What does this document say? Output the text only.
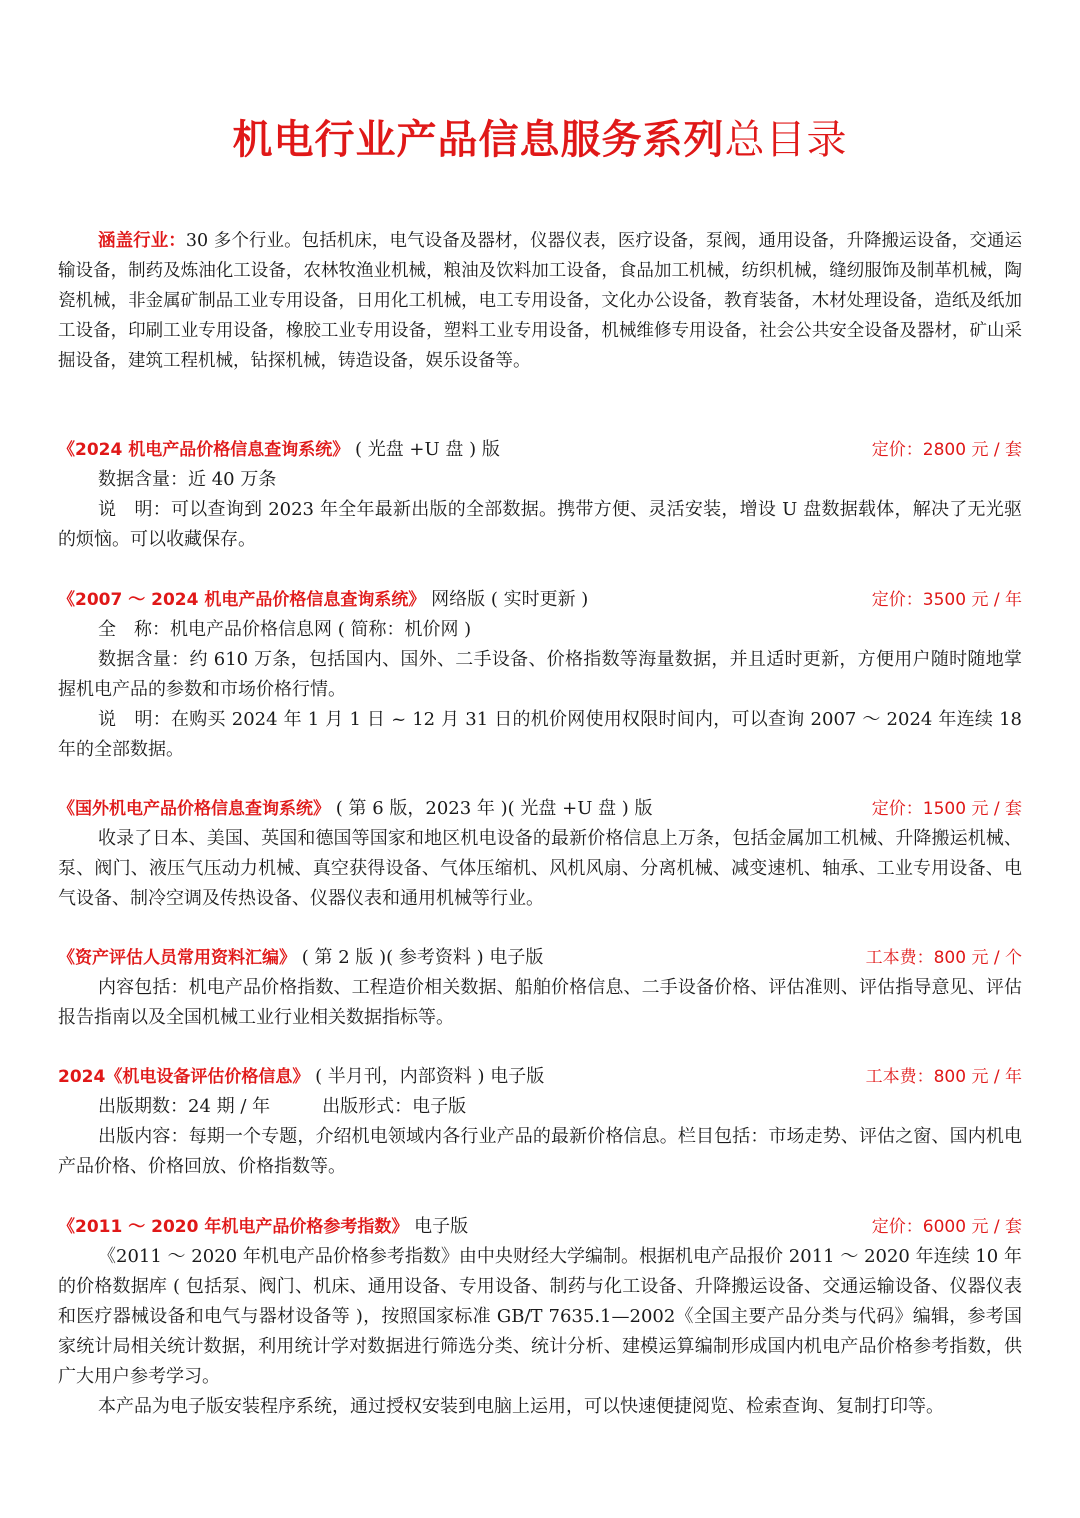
机电行业产品信息服务系列总目录
涵盖行业：30 多个行业。包括机床，电气设备及器材，仪器仪表，医疗设备，泵阀，通用设备，升降搬运设备，交通运输设备，制药及炼油化工设备，农林牧渔业机械，粮油及饮料加工设备，食品加工机械，纺织机械，缝纫服饰及制革机械，陶瓷机械，非金属矿制品工业专用设备，日用化工机械，电工专用设备，文化办公设备，教育装备，木材处理设备，造纸及纸加工设备，印刷工业专用设备，橡胶工业专用设备，塑料工业专用设备，机械维修专用设备，社会公共安全设备及器材，矿山采掘设备，建筑工程机械，钻探机械，铸造设备，娱乐设备等。
《2024 机电产品价格信息查询系统》 ( 光盘 +U 盘 ) 版	定价：2800 元 / 套
数据含量：近 40 万条
说　明：可以查询到 2023 年全年最新出版的全部数据。携带方便、灵活安装，增设 U 盘数据载体，解决了无光驱的烦恼。可以收藏保存。
《2007 ～ 2024 机电产品价格信息查询系统》 网络版 ( 实时更新 )	定价：3500 元 / 年
全　称：机电产品价格信息网 ( 简称：机价网 )
数据含量：约 610 万条，包括国内、国外、二手设备、价格指数等海量数据，并且适时更新，方便用户随时随地掌握机电产品的参数和市场价格行情。
说　明：在购买 2024 年 1 月 1 日 ~ 12 月 31 日的机价网使用权限时间内，可以查询 2007 ～ 2024 年连续 18 年的全部数据。
《国外机电产品价格信息查询系统》 ( 第 6 版，2023 年 )( 光盘 +U 盘 ) 版	定价：1500 元 / 套
收录了日本、美国、英国和德国等国家和地区机电设备的最新价格信息上万条，包括金属加工机械、升降搬运机械、泵、阀门、液压气压动力机械、真空获得设备、气体压缩机、风机风扇、分离机械、减变速机、轴承、工业专用设备、电气设备、制冷空调及传热设备、仪器仪表和通用机械等行业。
《资产评估人员常用资料汇编》 ( 第 2 版 )( 参考资料 ) 电子版	工本费：800 元 / 个
内容包括：机电产品价格指数、工程造价相关数据、船舶价格信息、二手设备价格、评估准则、评估指导意见、评估报告指南以及全国机械工业行业相关数据指标等。
2024《机电设备评估价格信息》 ( 半月刊，内部资料 ) 电子版	工本费：800 元 / 年
出版期数：24 期 / 年	出版形式：电子版
出版内容：每期一个专题，介绍机电领域内各行业产品的最新价格信息。栏目包括：市场走势、评估之窗、国内机电产品价格、价格回放、价格指数等。
《2011 ～ 2020 年机电产品价格参考指数》 电子版	定价：6000 元 / 套
《2011 ～ 2020 年机电产品价格参考指数》由中央财经大学编制。根据机电产品报价 2011 ～ 2020 年连续 10 年的价格数据库 ( 包括泵、阀门、机床、通用设备、专用设备、制药与化工设备、升降搬运设备、交通运输设备、仪器仪表和医疗器械设备和电气与器材设备等 )，按照国家标准 GB/T 7635.1—2002《全国主要产品分类与代码》编辑，参考国家统计局相关统计数据，利用统计学对数据进行筛选分类、统计分析、建模运算编制形成国内机电产品价格参考指数，供广大用户参考学习。
本产品为电子版安装程序系统，通过授权安装到电脑上运用，可以快速便捷阅览、检索查询、复制打印等。
